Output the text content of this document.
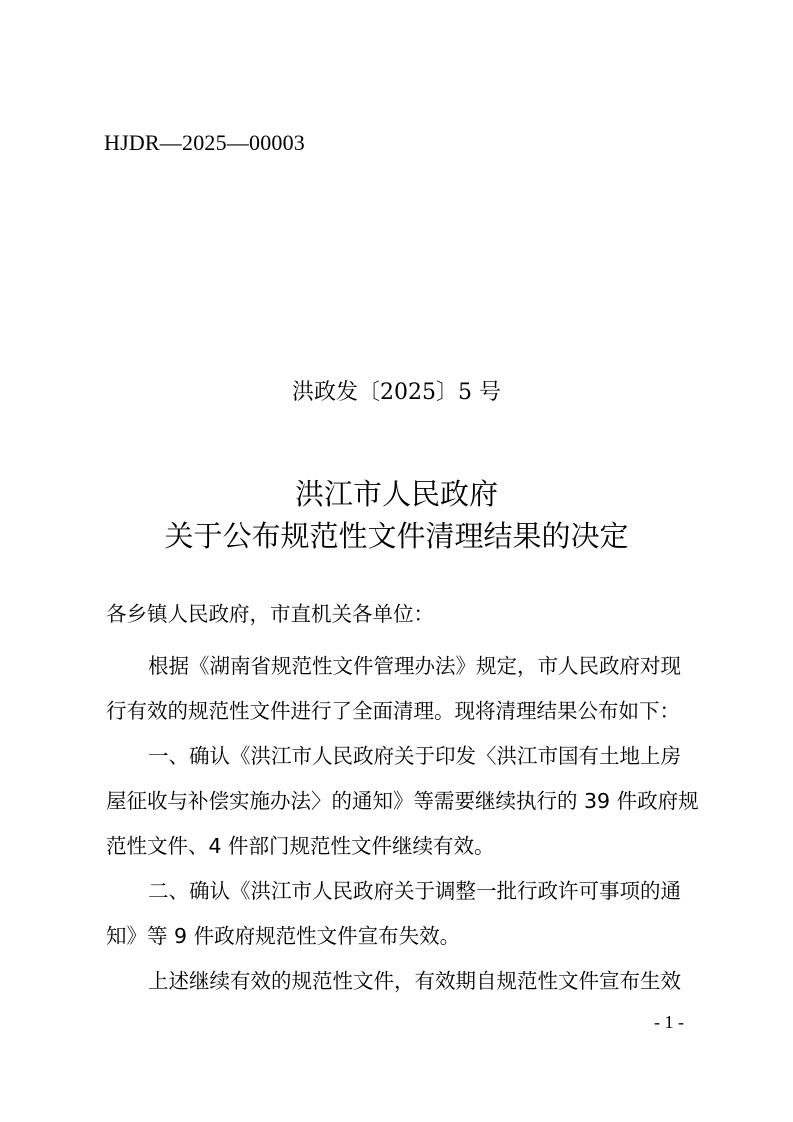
HJDR—2025—00003
洪政发〔2025〕5 号
洪江市人民政府
关于公布规范性文件清理结果的决定
各乡镇人民政府，市直机关各单位：
根据《湖南省规范性文件管理办法》规定，市人民政府对现
行有效的规范性文件进行了全面清理。现将清理结果公布如下：
一、确认《洪江市人民政府关于印发〈洪江市国有土地上房
屋征收与补偿实施办法〉的通知》等需要继续执行的 39 件政府规
范性文件、4 件部门规范性文件继续有效。
二、确认《洪江市人民政府关于调整一批行政许可事项的通
知》等 9 件政府规范性文件宣布失效。
上述继续有效的规范性文件，有效期自规范性文件宣布生效
- 1 -
